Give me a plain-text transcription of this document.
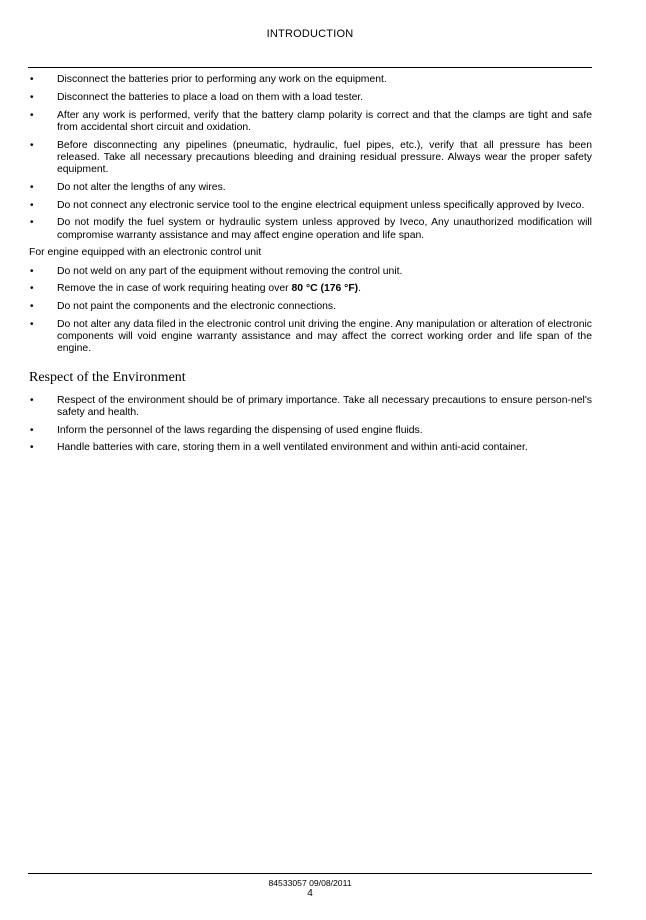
INTRODUCTION
• Disconnect the batteries prior to performing any work on the equipment.
• Disconnect the batteries to place a load on them with a load tester.
• After any work is performed, verify that the battery clamp polarity is correct and that the clamps are tight and safe from accidental short circuit and oxidation.
• Before disconnecting any pipelines (pneumatic, hydraulic, fuel pipes, etc.), verify that all pressure has been released. Take all necessary precautions bleeding and draining residual pressure. Always wear the proper safety equipment.
• Do not alter the lengths of any wires.
• Do not connect any electronic service tool to the engine electrical equipment unless specifically approved by Iveco.
• Do not modify the fuel system or hydraulic system unless approved by Iveco, Any unauthorized modification will compromise warranty assistance and may affect engine operation and life span.

For engine equipped with an electronic control unit

• Do not weld on any part of the equipment without removing the control unit.
• Remove the in case of work requiring heating over 80 °C (176 °F).
• Do not paint the components and the electronic connections.
• Do not alter any data filed in the electronic control unit driving the engine. Any manipulation or alteration of electronic components will void engine warranty assistance and may affect the correct working order and life span of the engine.
Respect of the Environment
• Respect of the environment should be of primary importance. Take all necessary precautions to ensure person-nel's safety and health.
• Inform the personnel of the laws regarding the dispensing of used engine fluids.
• Handle batteries with care, storing them in a well ventilated environment and within anti-acid container.
84533057 09/08/2011
4
